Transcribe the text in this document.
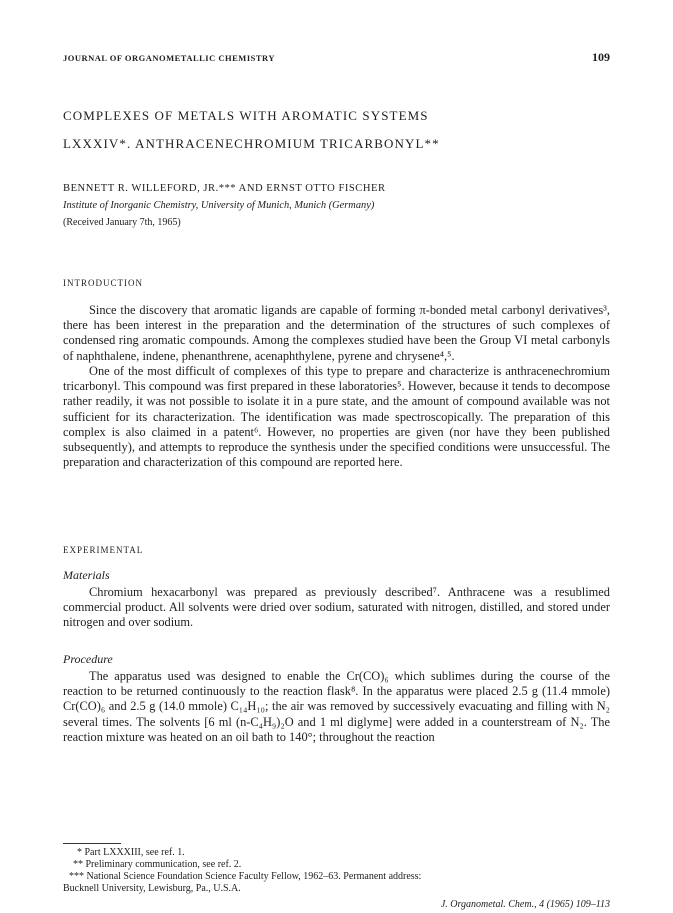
JOURNAL OF ORGANOMETALLIC CHEMISTRY	109
COMPLEXES OF METALS WITH AROMATIC SYSTEMS
LXXXIV*. ANTHRACENECHROMIUM TRICARBONYL**
BENNETT R. WILLEFORD, JR.*** AND ERNST OTTO FISCHER
Institute of Inorganic Chemistry, University of Munich, Munich (Germany)
(Received January 7th, 1965)
INTRODUCTION

Since the discovery that aromatic ligands are capable of forming π-bonded metal carbonyl derivatives³, there has been interest in the preparation and the determination of the structures of such complexes of condensed ring aromatic compounds. Among the complexes studied have been the Group VI metal carbonyls of naphthalene, indene, phenanthrene, acenaphthylene, pyrene and chrysene⁴,⁵.

One of the most difficult of complexes of this type to prepare and characterize is anthracenechromium tricarbonyl. This compound was first prepared in these laboratories⁵. However, because it tends to decompose rather readily, it was not possible to isolate it in a pure state, and the amount of compound available was not sufficient for its characterization. The identification was made spectroscopically. The preparation of this complex is also claimed in a patent⁶. However, no properties are given (nor have they been published subsequently), and attempts to reproduce the synthesis under the specified conditions were unsuccessful. The preparation and characterization of this compound are reported here.

EXPERIMENTAL
Materials

Chromium hexacarbonyl was prepared as previously described⁷. Anthracene was a resublimed commercial product. All solvents were dried over sodium, saturated with nitrogen, distilled, and stored under nitrogen and over sodium.

Procedure

The apparatus used was designed to enable the Cr(CO)₆ which sublimes during the course of the reaction to be returned continuously to the reaction flask⁸. In the apparatus were placed 2.5 g (11.4 mmole) Cr(CO)₆ and 2.5 g (14.0 mmole) C₁₄H₁₀; the air was removed by successively evacuating and filling with N₂ several times. The solvents [6 ml (n-C₄H₉)₂O and 1 ml diglyme] were added in a counterstream of N₂. The reaction mixture was heated on an oil bath to 140°; throughout the reaction

* Part LXXXIII, see ref. 1.

** Preliminary communication, see ref. 2.

*** National Science Foundation Science Faculty Fellow, 1962–63. Permanent address:

Bucknell University, Lewisburg, Pa., U.S.A.

J. Organometal. Chem., 4 (1965) 109–113
